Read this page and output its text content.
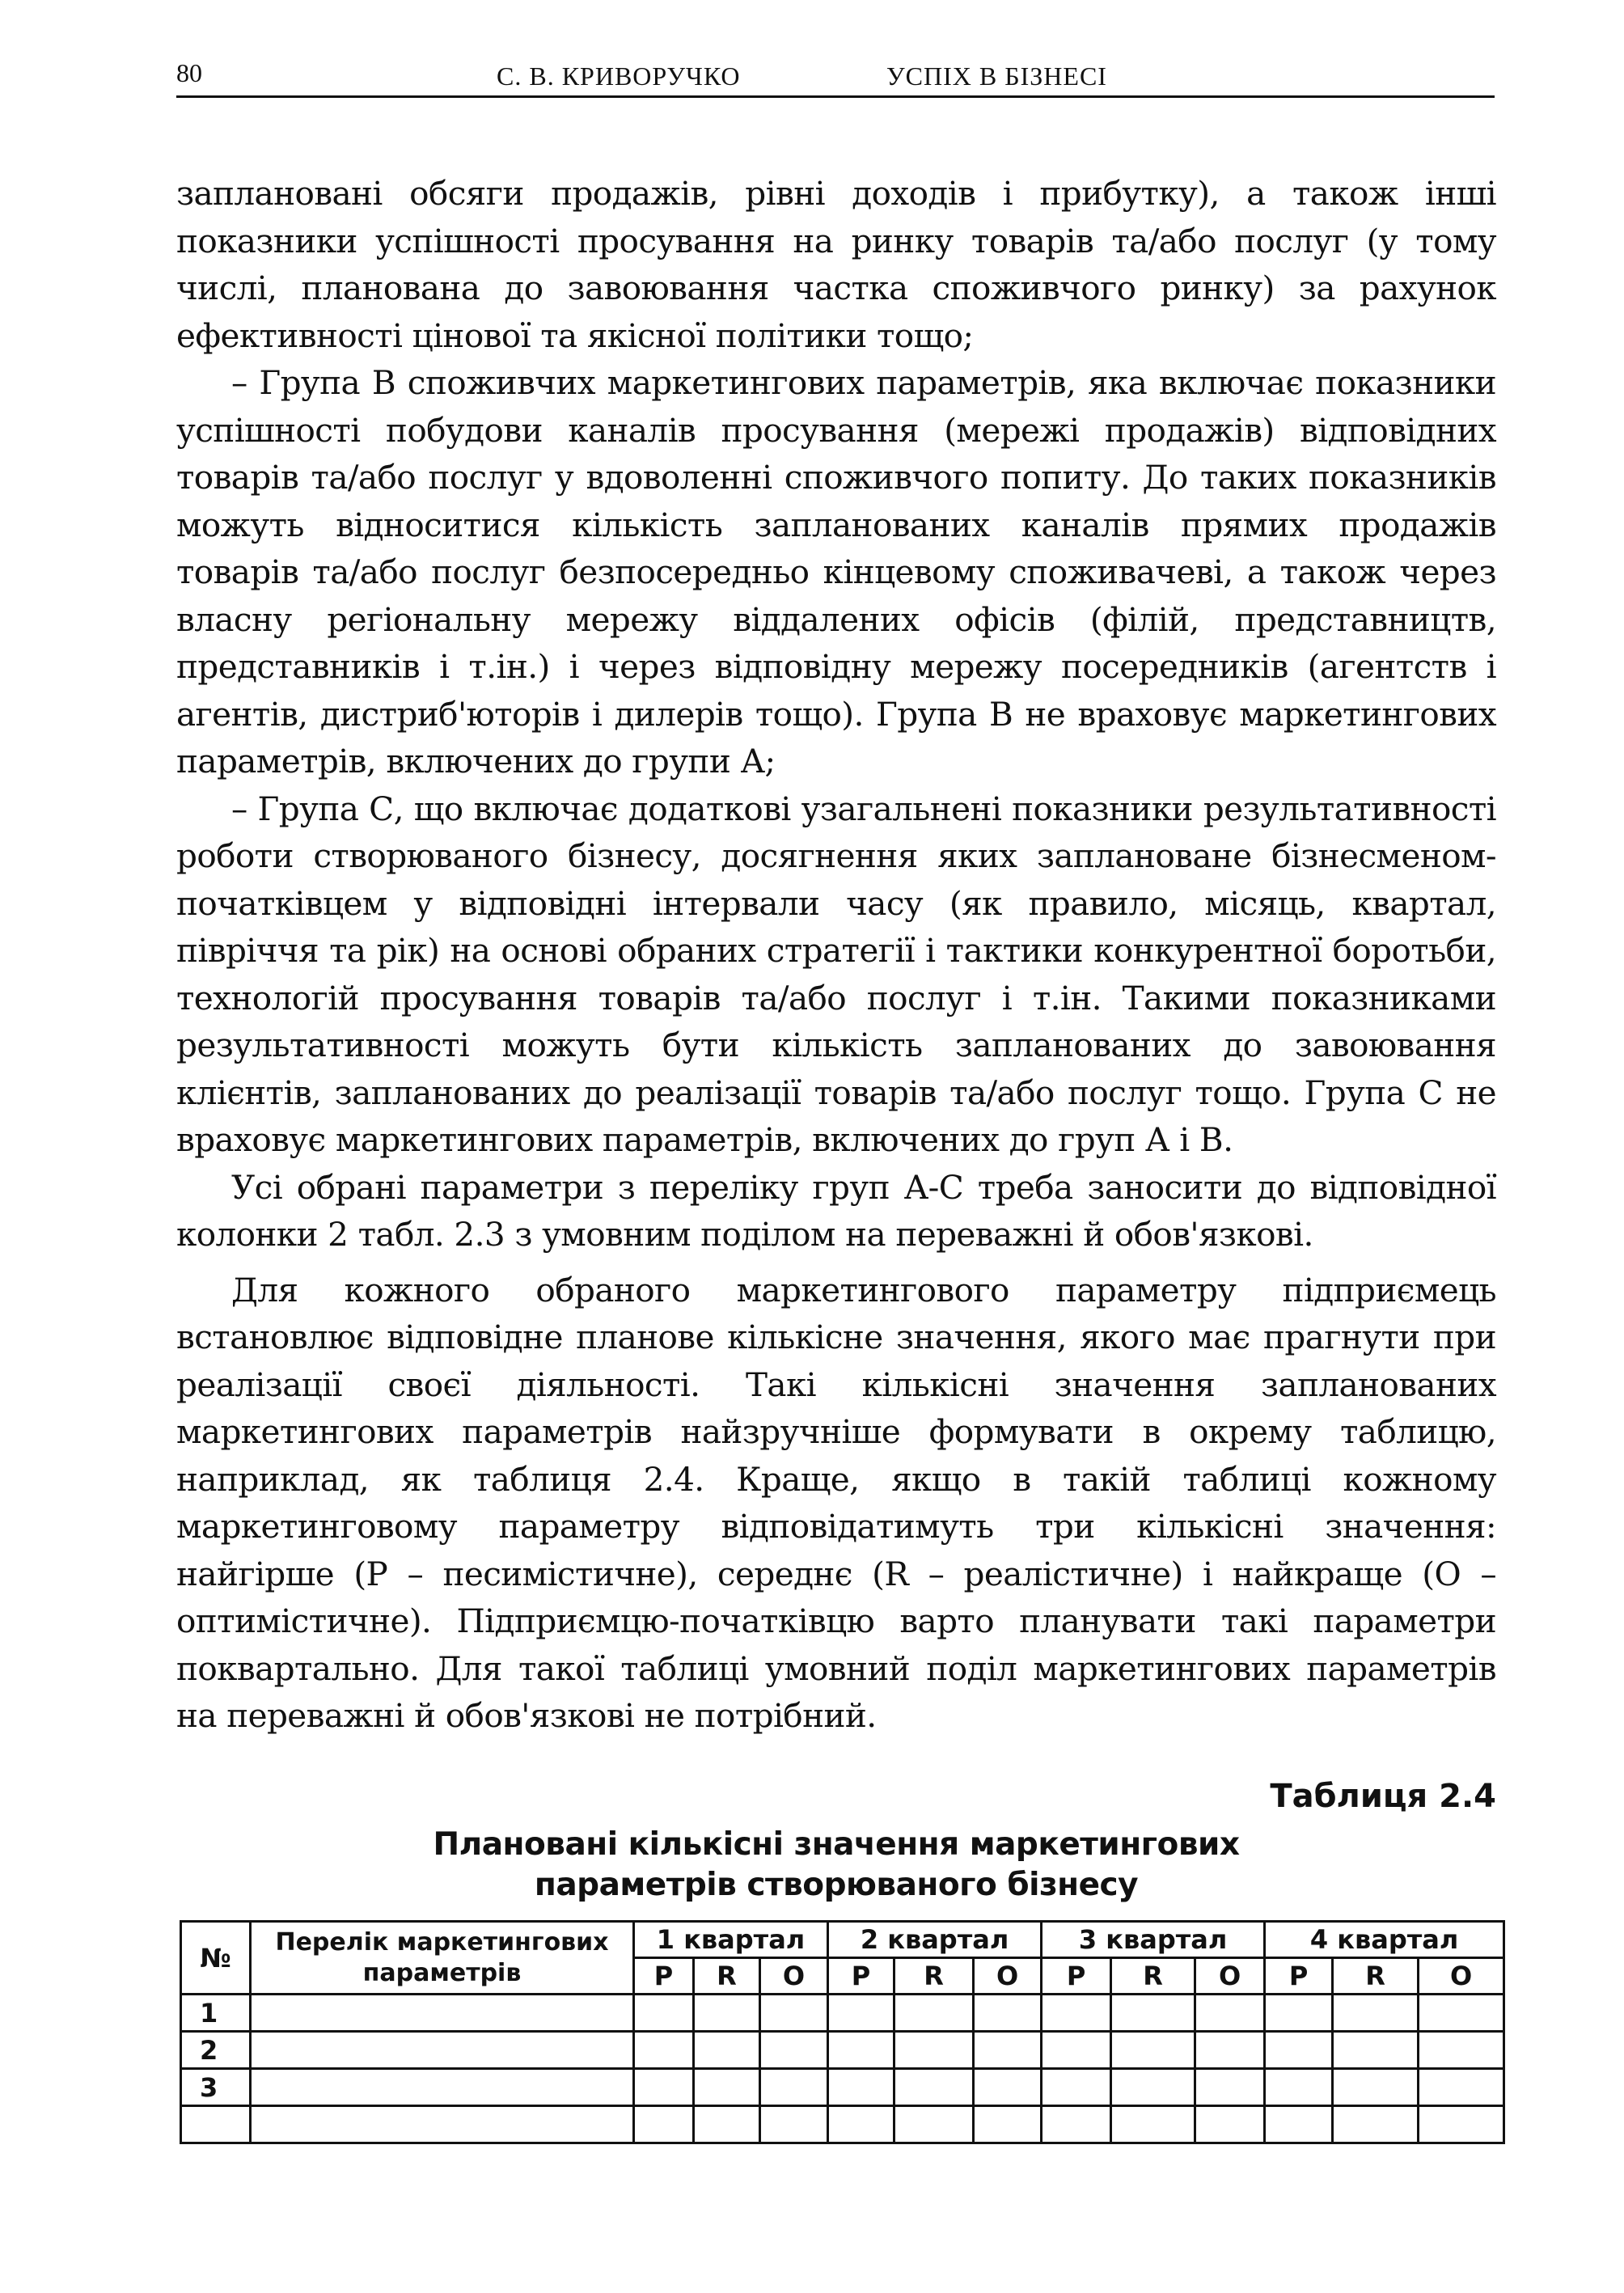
80	С. В. КРИВОРУЧКО	УСПІХ В БІЗНЕСІ

заплановані обсяги продажів, рівні доходів і прибутку), а також інші показники успішності просування на ринку товарів та/або послуг (у тому числі, планована до завоювання частка споживчого ринку) за рахунок ефективності цінової та якісної політики тощо;

– Група В споживчих маркетингових параметрів, яка включає показники успішності побудови каналів просування (мережі продажів) відповідних товарів та/або послуг у вдоволенні споживчого попиту. До таких показників можуть відноситися кількість запланованих каналів прямих продажів товарів та/або послуг безпосередньо кінцевому споживачеві, а також через власну регіональну мережу віддалених офісів (філій, представництв, представників і т.ін.) і через відповідну мережу посередників (агентств і агентів, дистриб'юторів і дилерів тощо). Група В не враховує маркетингових параметрів, включених до групи А;

– Група С, що включає додаткові узагальнені показники результативності роботи створюваного бізнесу, досягнення яких заплановане бізнесменом-початківцем у відповідні інтервали часу (як правило, місяць, квартал, півріччя та рік) на основі обраних стратегії і тактики конкурентної боротьби, технологій просування товарів та/або послуг і т.ін. Такими показниками результативності можуть бути кількість запланованих до завоювання клієнтів, запланованих до реалізації товарів та/або послуг тощо. Група С не враховує маркетингових параметрів, включених до груп А і В.

Усі обрані параметри з переліку груп А-С треба заносити до відповідної колонки 2 табл. 2.3 з умовним поділом на переважні й обов'язкові.

Для кожного обраного маркетингового параметру підприємець встановлює відповідне планове кількісне значення, якого має прагнути при реалізації своєї діяльності. Такі кількісні значення запланованих маркетингових параметрів найзручніше формувати в окрему таблицю, наприклад, як таблиця 2.4. Краще, якщо в такій таблиці кожному маркетинговому параметру відповідатимуть три кількісні значення: найгірше (Р – песимістичне), середнє (R – реалістичне) і найкраще (О – оптимістичне). Підприємцю-початківцю варто планувати такі параметри поквартально. Для такої таблиці умовний поділ маркетингових параметрів на переважні й обов'язкові не потрібний.

Таблиця 2.4
Плановані кількісні значення маркетингових
параметрів створюваного бізнесу
№	Перелік маркетингових параметрів	1 квартал			2 квартал			3 квартал			4 квартал		
		P	R	O	P	R	O	P	R	O	P	R	O
1													
2													
3													
